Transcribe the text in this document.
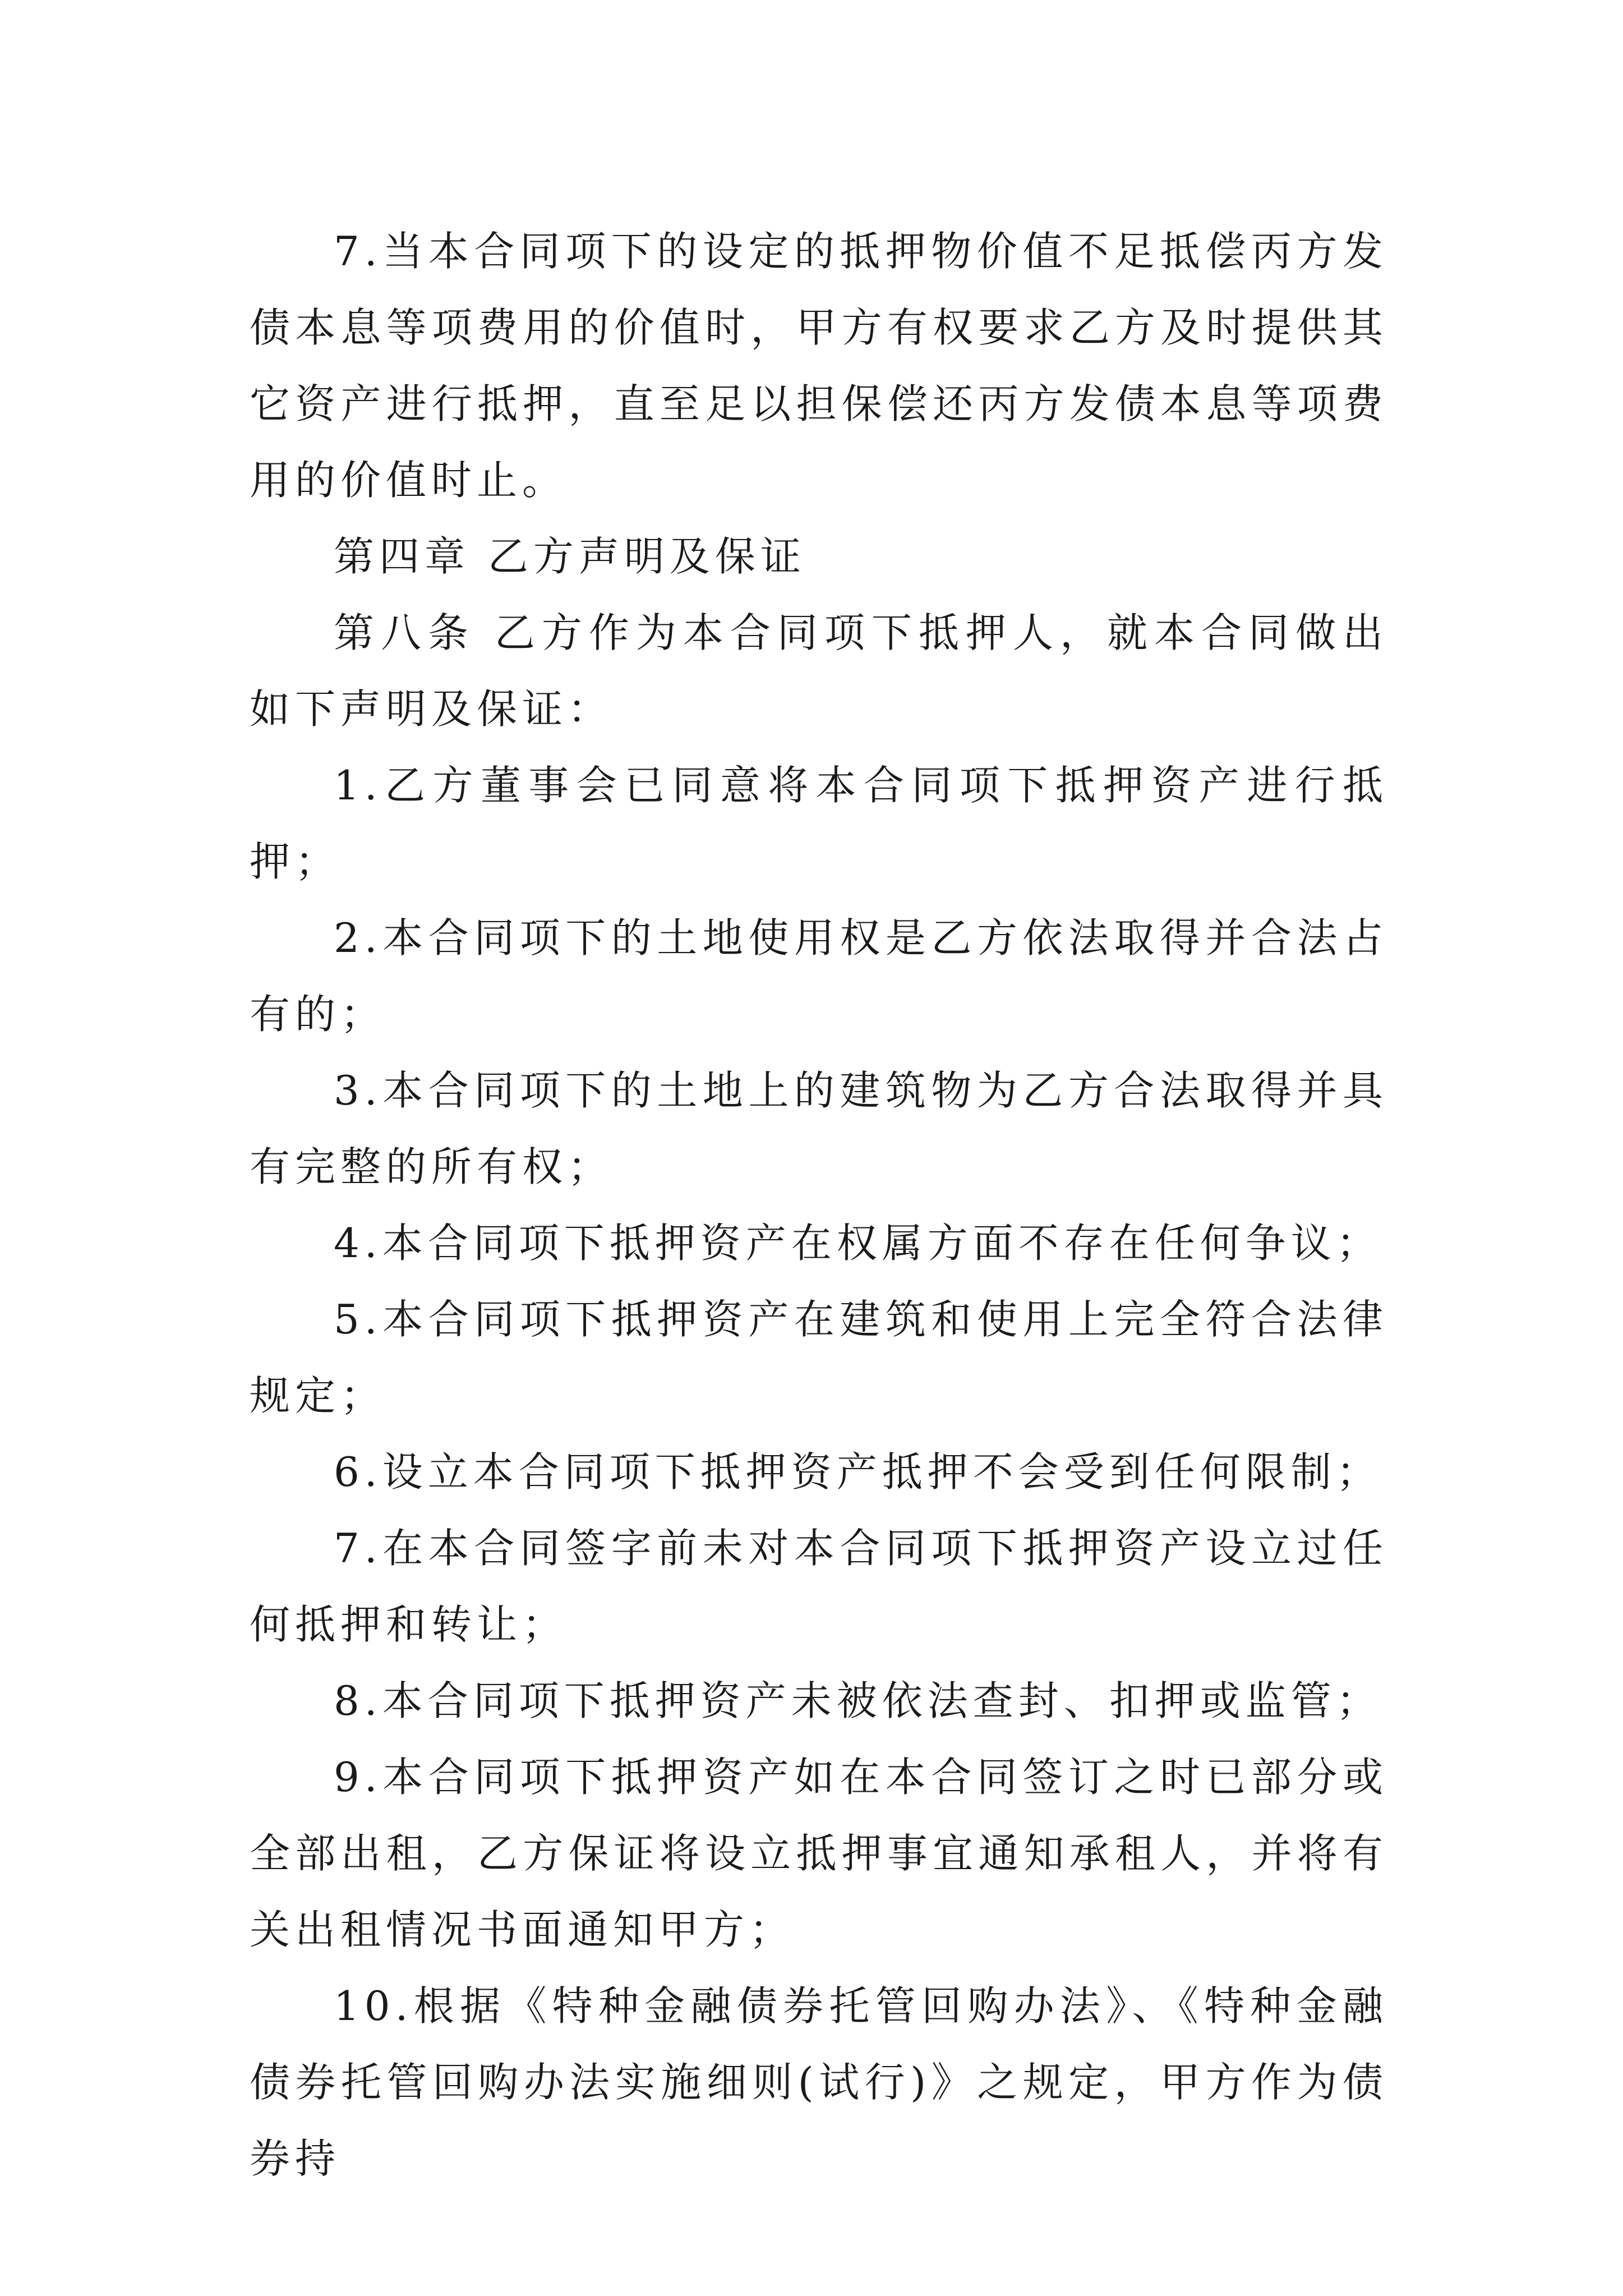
7.当本合同项下的设定的抵押物价值不足抵偿丙方发债本息等项费用的价值时，甲方有权要求乙方及时提供其它资产进行抵押，直至足以担保偿还丙方发债本息等项费用的价值时止。

第四章 乙方声明及保证

第八条 乙方作为本合同项下抵押人，就本合同做出如下声明及保证：

1.乙方董事会已同意将本合同项下抵押资产进行抵押；

2.本合同项下的土地使用权是乙方依法取得并合法占有的；

3.本合同项下的土地上的建筑物为乙方合法取得并具有完整的所有权；

4.本合同项下抵押资产在权属方面不存在任何争议；

5.本合同项下抵押资产在建筑和使用上完全符合法律规定；

6.设立本合同项下抵押资产抵押不会受到任何限制；

7.在本合同签字前未对本合同项下抵押资产设立过任何抵押和转让；

8.本合同项下抵押资产未被依法查封、扣押或监管；

9.本合同项下抵押资产如在本合同签订之时已部分或全部出租，乙方保证将设立抵押事宜通知承租人，并将有关出租情况书面通知甲方；

10.根据《特种金融债券托管回购办法》、《特种金融债券托管回购办法实施细则(试行)》之规定，甲方作为债券持
